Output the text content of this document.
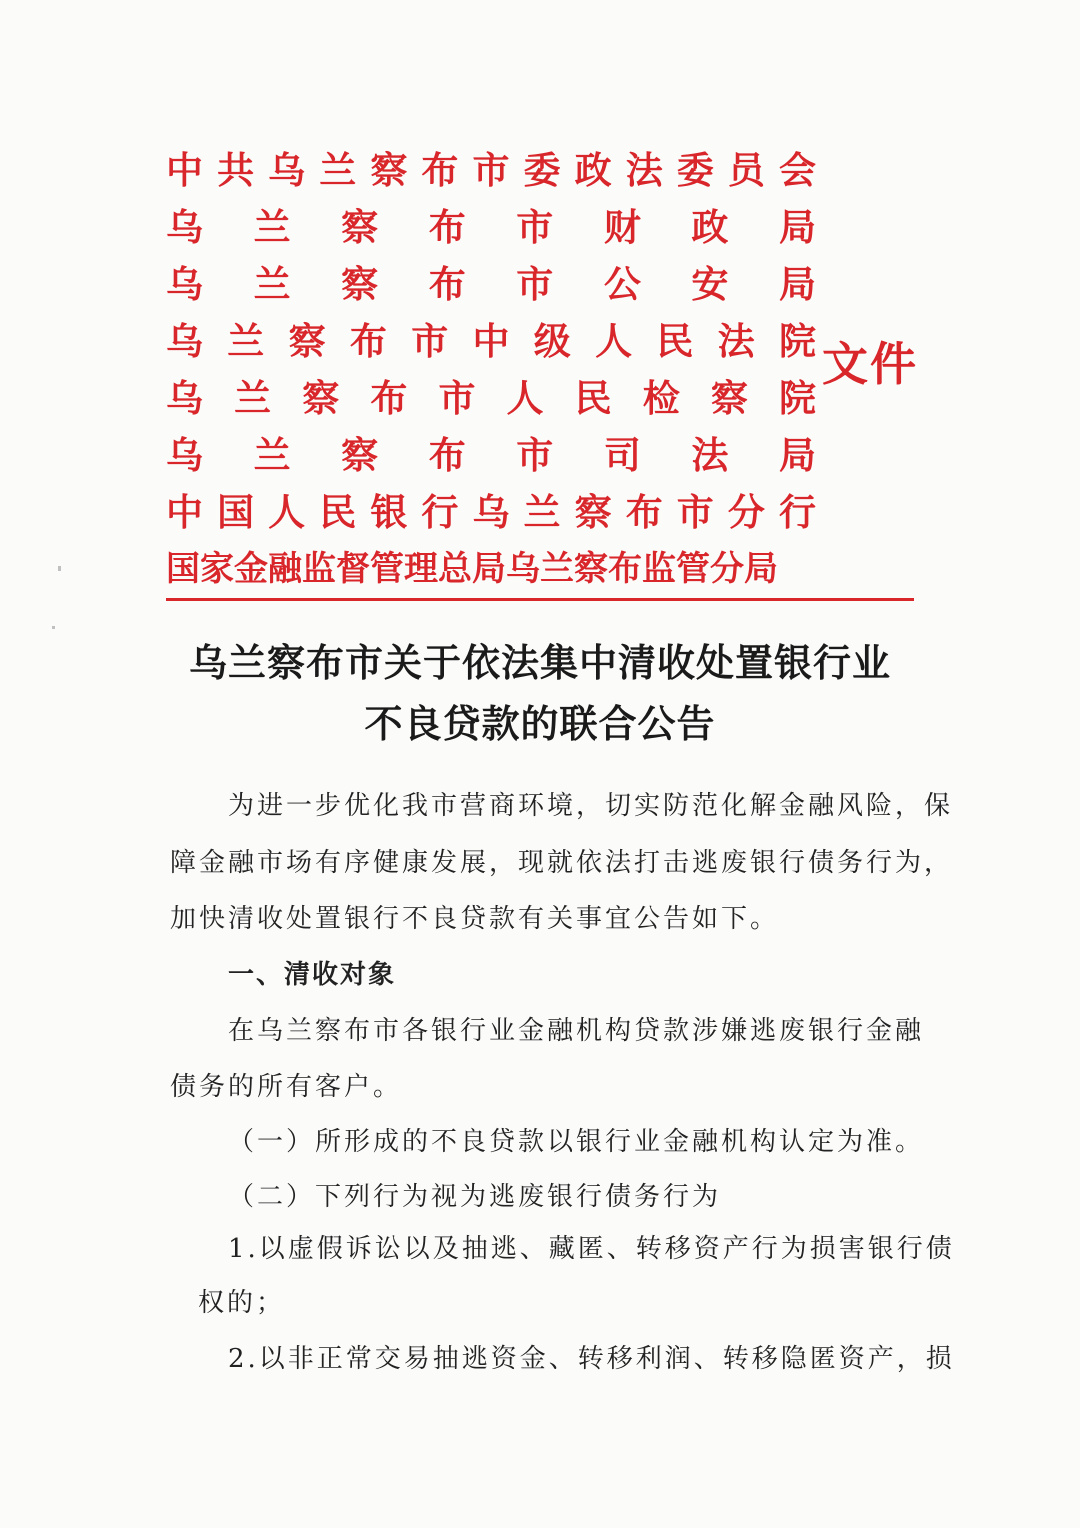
中 共 乌 兰 察 布 市 委 政 法 委 员 会
乌 兰 察 布 市 财 政 局
乌 兰 察 布 市 公 安 局
乌 兰 察 布 市 中 级 人 民 法 院
乌 兰 察 布 市 人 民 检 察 院
乌 兰 察 布 市 司 法 局
中 国 人 民 银 行 乌 兰 察 布 市 分 行
国 家 金 融 监 督 管 理 总 局 乌 兰 察 布 监 管 分 局
文件
乌兰察布市关于依法集中清收处置银行业
不良贷款的联合公告
为进一步优化我市营商环境，切实防范化解金融风险，保
障金融市场有序健康发展，现就依法打击逃废银行债务行为，
加快清收处置银行不良贷款有关事宜公告如下。
一、清收对象
在乌兰察布市各银行业金融机构贷款涉嫌逃废银行金融
债务的所有客户。
（一）所形成的不良贷款以银行业金融机构认定为准。
（二）下列行为视为逃废银行债务行为
1.以虚假诉讼以及抽逃、藏匿、转移资产行为损害银行债
权的；
2.以非正常交易抽逃资金、转移利润、转移隐匿资产，损
